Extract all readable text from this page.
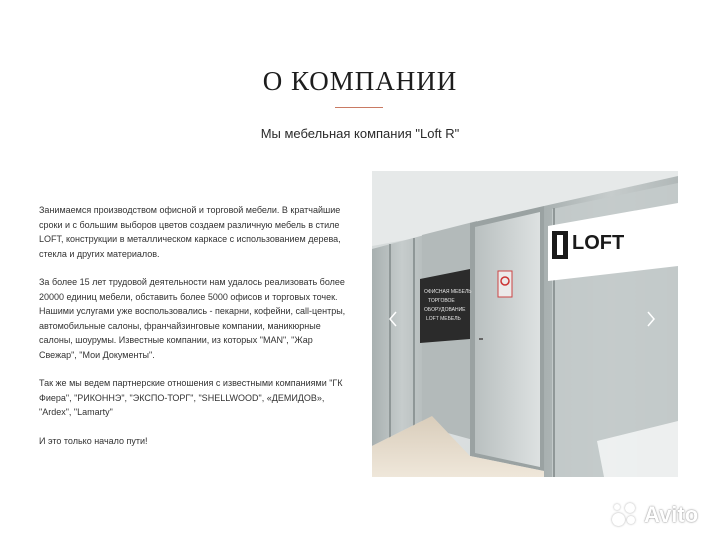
О КОМПАНИИ
Мы мебельная компания "Loft R"

Занимаемся производством офисной и торговой мебели. В кратчайшие сроки и с большим выборов цветов создаем различную мебель в стиле LOFT, конструкции в металлическом каркасе с использованием дерева, стекла и других материалов.

За более 15 лет трудовой деятельности нам удалось реализовать более 20000 единиц мебели, обставить более 5000 офисов и торговых точек. Нашими услугами уже воспользовались - пекарни, кофейни, call-центры, автомобильные салоны, франчайзинговые компании, маникюрные салоны, шоурумы. Известные компании, из которых "MAN", "Жар Свежар", "Мои Документы".

Так же мы ведем партнерские отношения с известными компаниями "ГК Фиера", "РИКОННЭ", "ЭКСПО-ТОРГ", "SHELLWOOD", «ДЕМИДОВ», "Ardex", "Lamarty"

И это только начало пути!

LOFT
ОФИСНАЯ МЕБЕЛЬ
ТОРГОВОЕ
ОБОРУДОВАНИЕ
LOFT МЕБЕЛЬ
Avito
